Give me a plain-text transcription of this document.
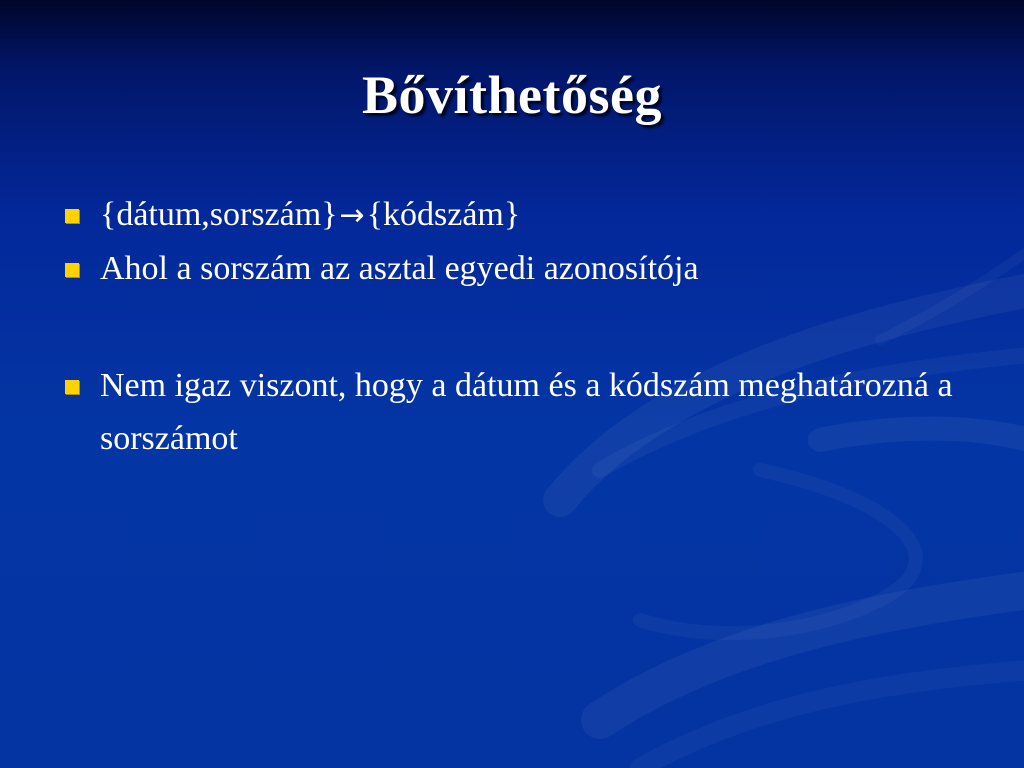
Bővíthetőség
{dátum,sorszám}→{kódszám}
Ahol a sorszám az asztal egyedi azonosítója
Nem igaz viszont, hogy a dátum és a kódszám meghatározná a sorszámot
